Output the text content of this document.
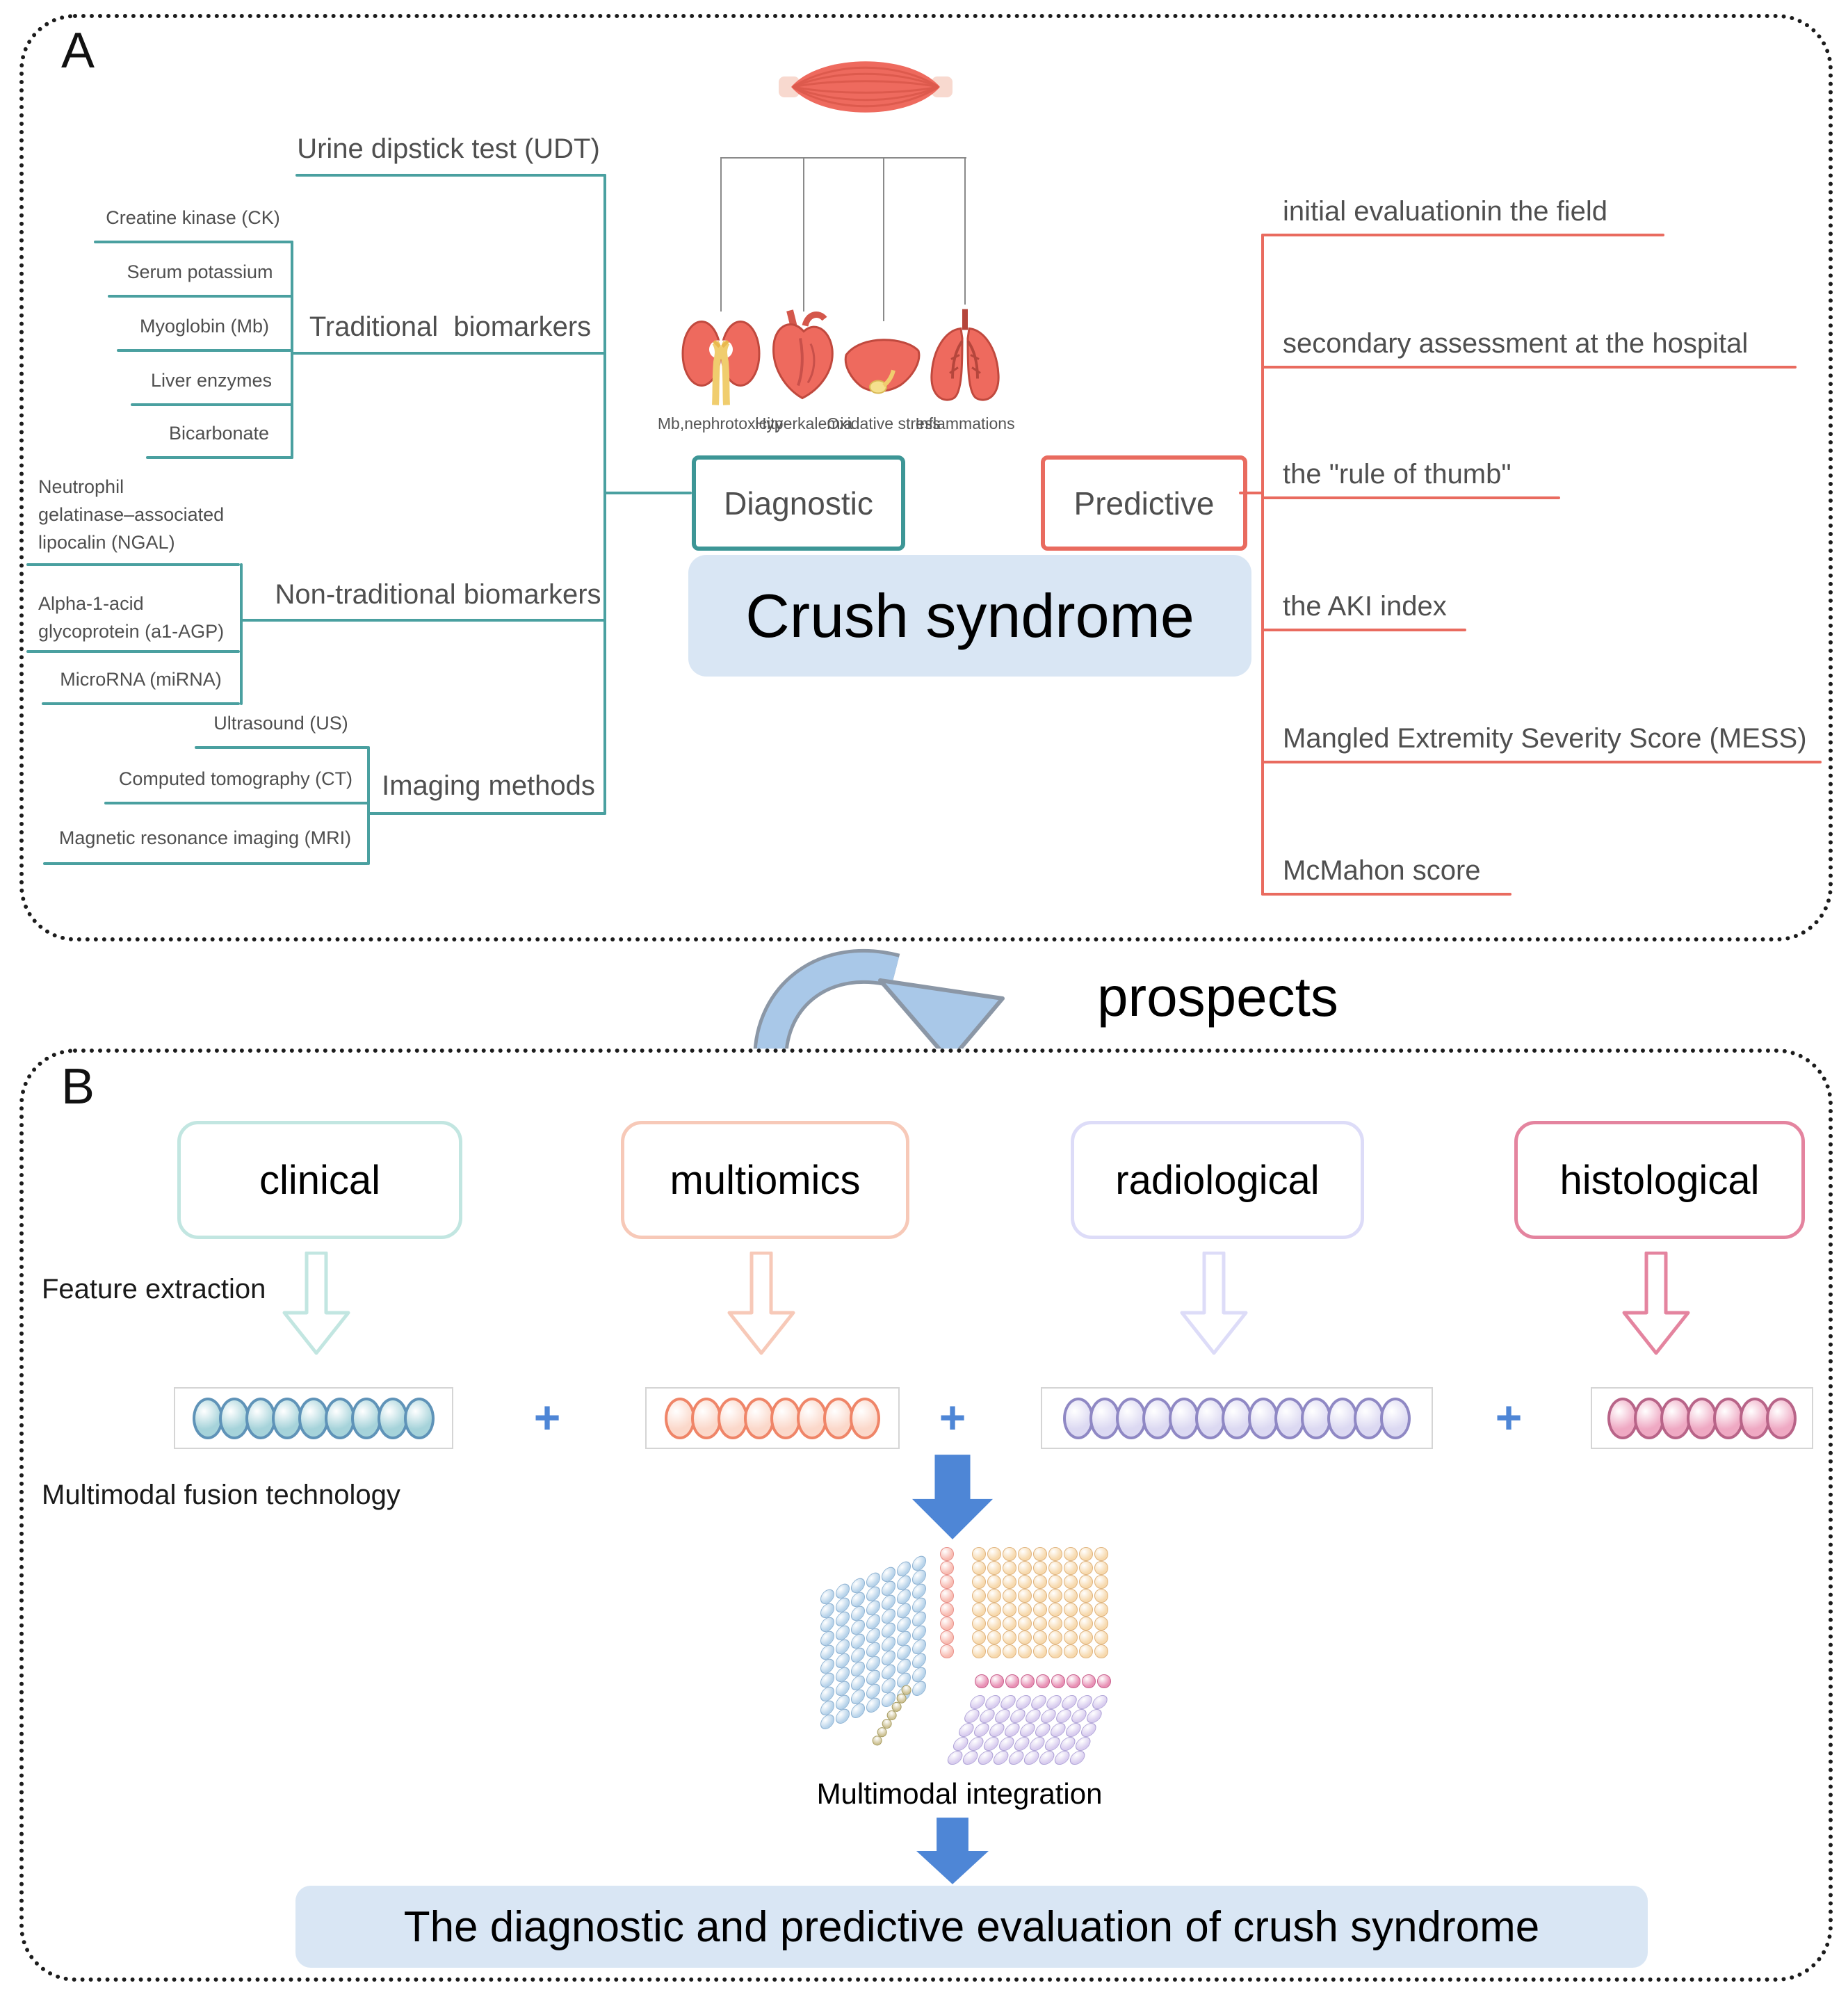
A
Mb,nephrotoxicity
Hyperkalemia
Oxidative stress
Inflammations
Diagnostic	Predictive
Crush syndrome
Urine dipstick test (UDT)
Traditional  biomarkers
Creatine kinase (CK)
Serum potassium
Myoglobin (Mb)
Liver enzymes
Bicarbonate
Non-traditional biomarkers
Neutrophil
gelatinase–associated
lipocalin (NGAL)
Alpha-1-acid
glycoprotein (a1-AGP)
MicroRNA (miRNA)
Imaging methods
Ultrasound (US)
Computed tomography (CT)
Magnetic resonance imaging (MRI)
initial evaluationin the field
secondary assessment at the hospital
the "rule of thumb"
the AKI index
Mangled Extremity Severity Score (MESS)
McMahon score
prospects
B
clinical	multiomics	radiological	histological
Feature extraction
+	+	+
Multimodal fusion technology
Multimodal integration
The diagnostic and predictive evaluation of crush syndrome
